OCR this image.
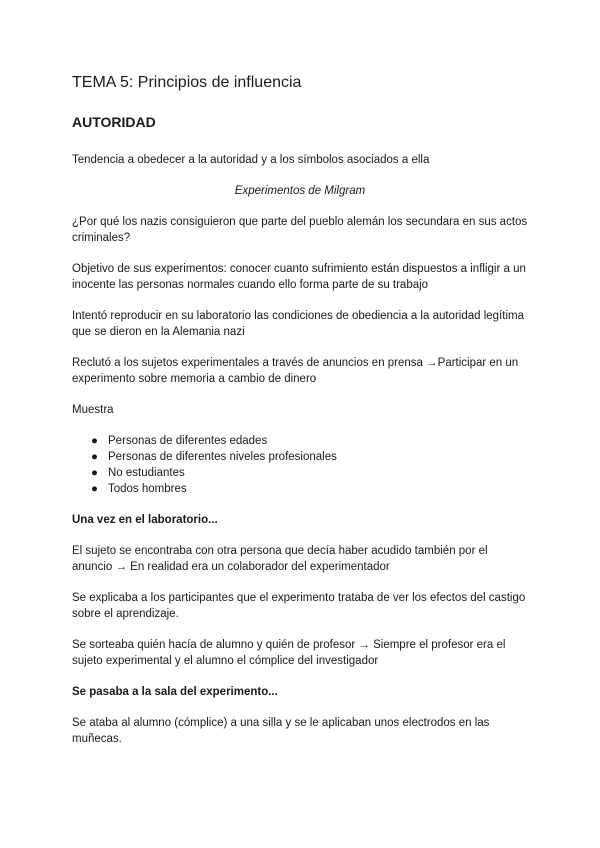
TEMA 5: Principios de influencia
AUTORIDAD

Tendencia a obedecer a la autoridad y a los símbolos asociados a ella

Experimentos de Milgram

¿Por qué los nazis consiguieron que parte del pueblo alemán los secundara en sus actos criminales?

Objetivo de sus experimentos: conocer cuanto sufrimiento están dispuestos a infligir a un inocente las personas normales cuando ello forma parte de su trabajo

Intentó reproducir en su laboratorio las condiciones de obediencia a la autoridad legítima que se dieron en la Alemania nazi

Reclutó a los sujetos experimentales a través de anuncios en prensa →Participar en un experimento sobre memoria a cambio de dinero

Muestra

● Personas de diferentes edades
● Personas de diferentes niveles profesionales
● No estudiantes
● Todos hombres

Una vez en el laboratorio...

El sujeto se encontraba con otra persona que decía haber acudido también por el anuncio → En realidad era un colaborador del experimentador

Se explicaba a los participantes que el experimento trataba de ver los efectos del castigo sobre el aprendizaje.

Se sorteaba quién hacía de alumno y quién de profesor → Siempre el profesor era el sujeto experimental y el alumno el cómplice del investigador

Se pasaba a la sala del experimento...

Se ataba al alumno (cómplice) a una silla y se le aplicaban unos electrodos en las muñecas.
